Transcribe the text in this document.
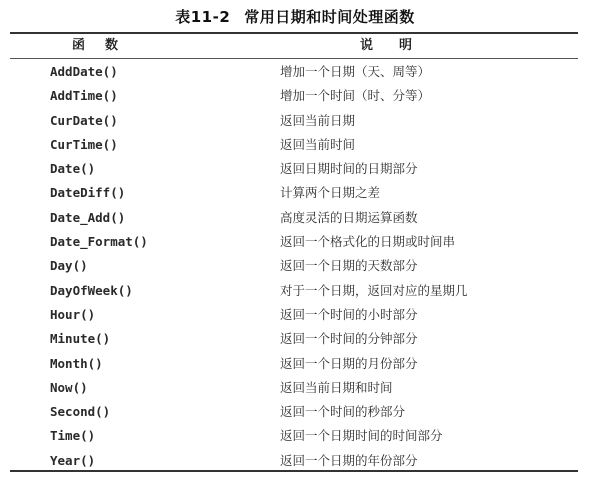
表11-2 常用日期和时间处理函数
函数	说明
AddDate()	增加一个日期（天、周等）
AddTime()	增加一个时间（时、分等）
CurDate()	返回当前日期
CurTime()	返回当前时间
Date()	返回日期时间的日期部分
DateDiff()	计算两个日期之差
Date_Add()	高度灵活的日期运算函数
Date_Format()	返回一个格式化的日期或时间串
Day()	返回一个日期的天数部分
DayOfWeek()	对于一个日期，返回对应的星期几
Hour()	返回一个时间的小时部分
Minute()	返回一个时间的分钟部分
Month()	返回一个日期的月份部分
Now()	返回当前日期和时间
Second()	返回一个时间的秒部分
Time()	返回一个日期时间的时间部分
Year()	返回一个日期的年份部分
